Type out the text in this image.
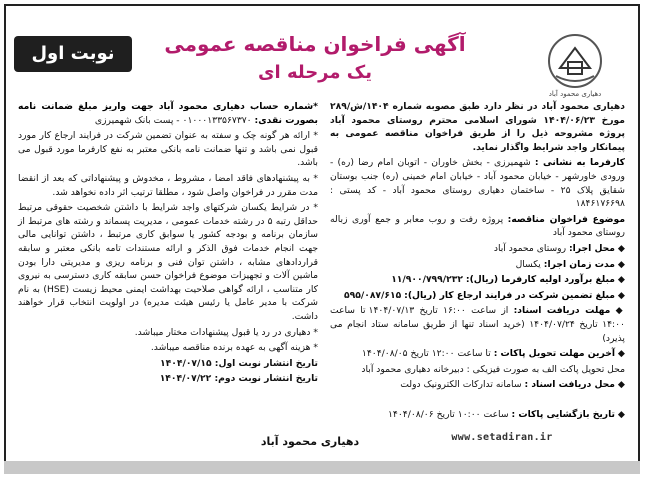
دهیاری محمود آباد
آگهی فراخوان مناقصه عمومی
یک مرحله ای
نوبت اول

دهیاری محمود آباد در نظر دارد طبق مصوبه شماره ۱۴۰۴/ش/۲۸۹ مورخ ۱۴۰۴/۰۶/۲۳ شورای اسلامی محترم روستای محمود آباد پروژه مشروحه ذیل را از طریق فراخوان مناقصه عمومی به پیمانکار واجد شرایط واگذار نماید.

کارفرما به نشانی : شهمیرزی - بخش خاوران - اتوبان امام رضا (ره) - ورودی خاورشهر - خیابان محمود آباد - خیابان امام خمینی (ره) جنب بوستان شقایق پلاک ۲۵ - ساختمان دهیاری روستای محمود آباد - کد پستی : ۱۸۴۶۱۷۶۶۹۸

موضوع فراخوان مناقصه: پروژه رفت و روب معابر و جمع آوری زباله روستای محمود آباد

◆ محل اجرا: روستای محمود آباد

◆ مدت زمان اجرا: یکسال

◆ مبلغ برآورد اولیه کارفرما (ریال): ۱۱/۹۰۰/۷۹۹/۲۳۲

◆ مبلغ تضمین شرکت در فرایند ارجاع کار (ریال): ۵۹۵/۰۸۷/۶۱۵

◆ مهلت دریافت اسناد: از ساعت ۱۶:۰۰ تاریخ ۱۴۰۴/۰۷/۱۳ تا ساعت ۱۴:۰۰ تاریخ ۱۴۰۴/۰۷/۲۴ (خرید اسناد تنها از طریق سامانه ستاد انجام می پذیرد)

◆ آخرین مهلت تحویل پاکات : تا ساعت ۱۲:۰۰ تاریخ ۱۴۰۴/۰۸/۰۵

محل تحویل پاکت الف به صورت فیزیکی : دبیرخانه دهیاری محمود آباد

◆ محل دریافت اسناد : سامانه تدارکات الکترونیک دولت

◆ تاریخ بازگشایی پاکات : ساعت ۱۰:۰۰ تاریخ ۱۴۰۴/۰۸/۰۶

www.setadiran.ir

*شماره حساب دهیاری محمود آباد جهت واریز مبلغ ضمانت نامه بصورت نقدی: ۰۱۰۰۰۱۳۳۵۶۷۳۷۰ - پست بانک شهمیرزی

* ارائه هر گونه چک و سفته به عنوان تضمین شرکت در فرایند ارجاع کار مورد قبول نمی باشد و تنها ضمانت نامه بانکی معتبر به نفع کارفرما مورد قبول می باشد.

* به پیشنهادهای فاقد امضا ، مشروط ، مخدوش و پیشنهاداتی که بعد از انقضا مدت مقرر در فراخوان واصل شود ، مطلقا ترتیب اثر داده نخواهد شد.

* در شرایط یکسان شرکتهای واجد شرایط با داشتن شخصیت حقوقی مرتبط حداقل رتبه ۵ در رشته خدمات عمومی ، مدیریت پسماند و رشته های مرتبط از سازمان برنامه و بودجه کشور یا سوابق کاری مرتبط ، داشتن توانایی مالی جهت انجام خدمات فوق الذکر و ارائه مستندات تامه بانکی معتبر و سابقه قراردادهای مشابه ، داشتن توان فنی و برنامه ریزی و مدیریتی دارا بودن ماشین آلات و تجهیزات موضوع فراخوان حسن سابقه کاری دسترسی به نیروی کار متناسب ، ارائه گواهی صلاحیت بهداشت ایمنی محیط زیست (HSE) به نام شرکت با مدیر عامل یا رئیس هیئت مدیره) در اولویت انتخاب قرار خواهند داشت.

* دهیاری در رد یا قبول پیشنهادات مختار میباشد.

* هزینه آگهی به عهده برنده مناقصه میباشد.

تاریخ انتشار نوبت اول: ۱۴۰۴/۰۷/۱۵

تاریخ انتشار نوبت دوم: ۱۴۰۴/۰۷/۲۲

دهیاری محمود آباد
